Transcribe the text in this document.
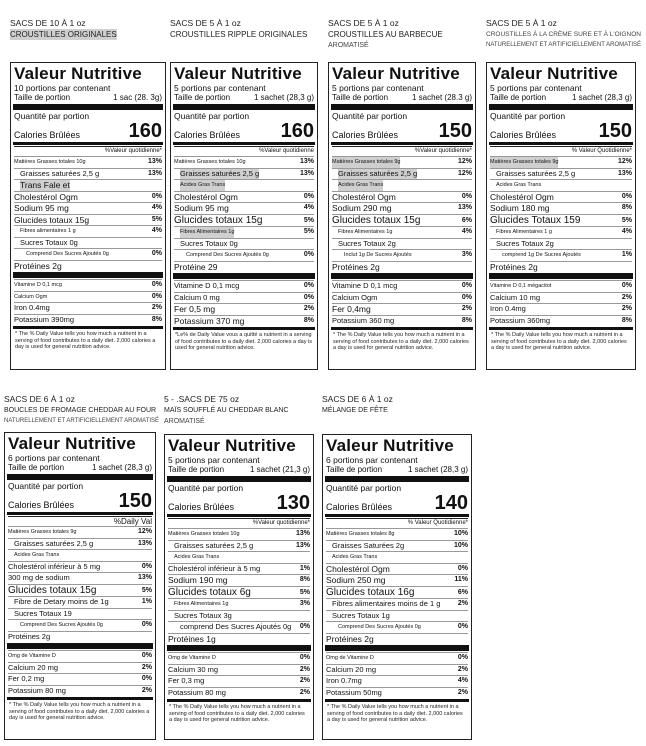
SACS DE 10 À 1 oz
CROUSTILLES ORIGINALES
Valeur Nutritive
10 portions par contenant
Taille de portion	1 sac (28. 3g)
Quantité par portion
Calories Brûlées 160
%Valeur quotidienne*
Matières Grasses totales 10g	13%
Graisses saturées 2,5 g	13%
Trans Fale et
Cholestérol Ogm	0%
Sodium 95 mg	4%
Glucides totaux 15g	5%
Fibres alimentaires 1 g	4%
Sucres Totaux 0g
Comprend Des Sucres Ajoutés 0g	0%
Protéines 2g
Vitamine D 0,1 mcg	0%
Calcium Ogm	0%
Iron 0.4mg	2%
Potassium 390mg	8%
* The % Daily Value tells you how much a nutrient in a serving of food contributes to a daily diet. 2,000 calories a day is used for general nutrition advice.
SACS DE 5 À 1 oz
CROUSTILLES RIPPLE ORIGINALES
Valeur Nutritive
5 portions par contenant
Taille de portion	1 sachet (28,3 g)
Quantité par portion
Calories Brûlées 160
%Valeur quotidienne
Matières Grasses totales 10g	13%
Graisses saturées 2,5 g	13%
Acides Gras Trans
Cholestérol Ogm	0%
Sodium 95 mg	4%
Glucides totaux 15g	5%
Fibres Alimentaires 1g	5%
Sucres Totaux 0g
Comprend Des Sucres Ajoutés 0g	0%
Protéine 29
Vitamine D 0,1 mcg	0%
Calcium 0 mg	0%
Fer 0,5 mg	2%
Potassium 370 mg	8%
*Le% de Daily Value vous a quitté a nutrient in a serving of food contributes to a daily diet. 2,000 calories a day is used for general nutrition advice.
SACS DE 5 À 1 oz
CROUSTILLES AU BARBECUE
AROMATISÉ
Valeur Nutritive
5 portions par contenant
Taille de portion	1 sachet (28.3 g)
Quantité par portion
Calories Brûlées 150
%Valeur quotidienne*
Matières Grasses totales 9g	12%
Graisses saturées 2,5 g	12%
Acides Gras Trans
Cholestérol Ogm	0%
Sodium 290 mg	13%
Glucides totaux 15g	6%
Fibres Alimentaires 1g	4%
Sucres Totaux 2g
Inclut 1g De Sucres Ajoutés	3%
Protéines 2g
Vitamine D 0,1 mcg	0%
Calcium Ogm	0%
Fer 0,4mg	2%
Potassium 360 mg	8%
* The % Daily Value tells you how much a nutrient in a serving of food contributes to a daily diet. 2,000 calories a day is used for general nutrition advice.
SACS DE 5 À 1 oz
CROUSTILLES À LA CRÈME SURE ET À L'OIGNON
NATURELLEMENT ET ARTIFICIELLEMENT AROMATISÉ
Valeur Nutritive
5 portions par contenant
Taille de portion	1 sachet (28,3 g)
Quantité par portion
Calories Brûlées 150
% Valeur Quotidienne*
Matières Grasses totales 9g	12%
Graisses saturées 2,5 g	13%
Acides Gras Trans
Cholestérol Ogm	0%
Sodium 180 mg	8%
Glucides Totaux 159	5%
Fibres Alimentaires 1 g	4%
Sucres Totaux 2g
comprend 1g De Sucres Ajoutés	1%
Protéines 2g
Vitamine D 0,1 mégacitot	0%
Calcium 10 mg	2%
Iron 0.4mg	2%
Potassium 360mg	8%
* The % Daily Value tells you how much a nutrient in a serving of food contributes to a daily diet. 2,000 calories a day is used for general nutrition advice.
SACS DE 6 À 1 oz
BOUCLES DE FROMAGE CHEDDAR AU FOUR
NATURELLEMENT ET ARTIFICIELLEMENT AROMATISÉ
Valeur Nutritive
6 portions par contenant
Taille de portion	1 sachet (28,3 g)
Quantité par portion
Calories Brûlées 150
%Daily Val
Matières Grasses totales 9g	12%
Graisses saturées 2,5 g	13%
Acides Gras Trans
Cholestérol inférieur à 5 mg	0%
300 mg de sodium	13%
Glucides totaux 15g	5%
Fibre de Detary moins de 1g	1%
Sucres Totaux 19
Comprend Des Sucres Ajoutés 0g	0%
Protéines 2g
Omg de Vitamine D	0%
Calcium 20 mg	2%
Fer 0,2 mg	0%
Potassium 80 mg	2%
* The % Daily Value tells you how much a nutrient in a serving of food contributes to a daily diet. 2,000 calories a day is used for general nutrition advice.
5 - .SACS DE 75 oz
MAÏS SOUFFLÉ AU CHEDDAR BLANC
AROMATISÉ
Valeur Nutritive
5 portions par contenant
Taille de portion	1 sachet (21,3 g)
Quantité par portion
Calories Brûlées 130
%Valeur quotidienne*
Matières Grasses totales 10g	13%
Graisses saturées 2,5 g	13%
Acides Gras Trans
Cholestérol inférieur à 5 mg	1%
Sodium 190 mg	8%
Glucides totaux 6g	5%
Fibres Alimentaires 1g	3%
Sucres Totaux 3g
comprend Des Sucres Ajoutés 0g 0%
Protéines 1g
Omg de Vitamine D	0%
Calcium 30 mg	2%
Fer 0,3 mg	2%
Potassium 80 mg	2%
* The % Daily Value tells you how much a nutrient in a serving of food contributes to a daily diet. 2,000 calories a day is used for general nutrition advice.
SACS DE 6 À 1 oz
MÉLANGE DE FÊTE
Valeur Nutritive
6 portions par contenant
Taille de portion	1 sachet (28,3 g)
Quantité par portion
Calories Brûlées 140
% Valeur Quotidienne*
Matières Grasses totales 8g	10%
Graisses Saturées 2g	10%
Acides Gras Trans
Cholestérol Ogm	0%
Sodium 250 mg	11%
Glucides totaux 16g	6%
Fibres alimentaires moins de 1 g 2%
Sucres Totaux 1g
Comprend Des Sucres Ajoutés 0g	0%
Protéines 2g
Omg de Vitamine D	0%
Calcium 20 mg	2%
Iron 0.7mg	4%
Potassium 50mg	2%
* The % Daily Value tells you how much a nutrient in a serving of food contributes to a daily diet. 2,000 calories a day is used for general nutrition advice.
